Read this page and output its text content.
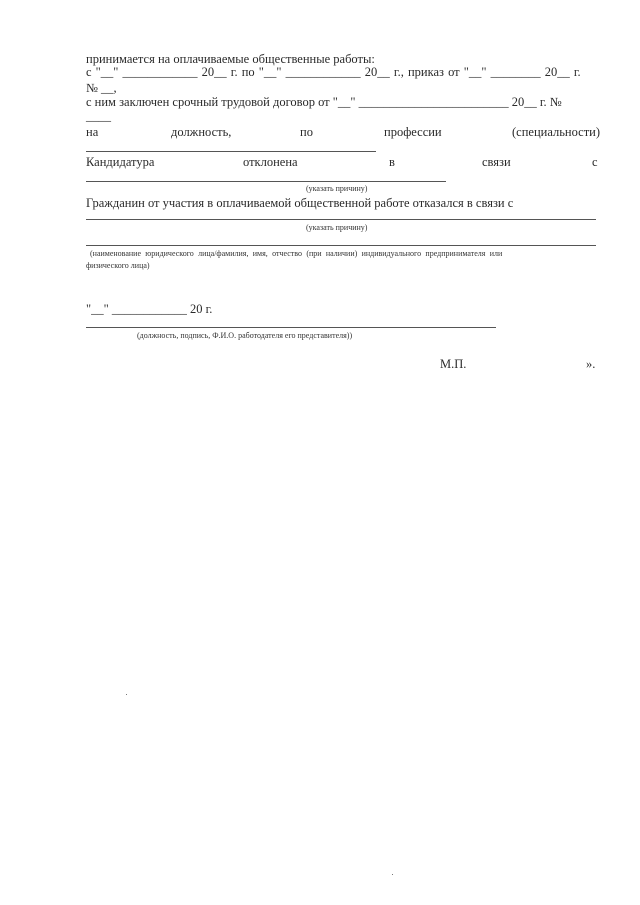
принимается на оплачиваемые общественные работы:
с "__" ____________ 20__ г. по "__" ____________ 20__ г., приказ от "__" ________ 20__ г.
№ __,
с ним заключен срочный трудовой договор от "__" ________________________ 20__ г. №
____
на	должность,	по	профессии	(специальности)
Кандидатура	отклонена	в	связи	с
(указать причину)
Гражданин от участия в оплачиваемой общественной работе отказался в связи с
(указать причину)
(наименование юридического лица/фамилия, имя, отчество (при наличии) индивидуального предпринимателя или
физического лица)
"__" ____________ 20 г.
(должность, подпись, Ф.И.О. работодателя его представителя))
М.П.	».
